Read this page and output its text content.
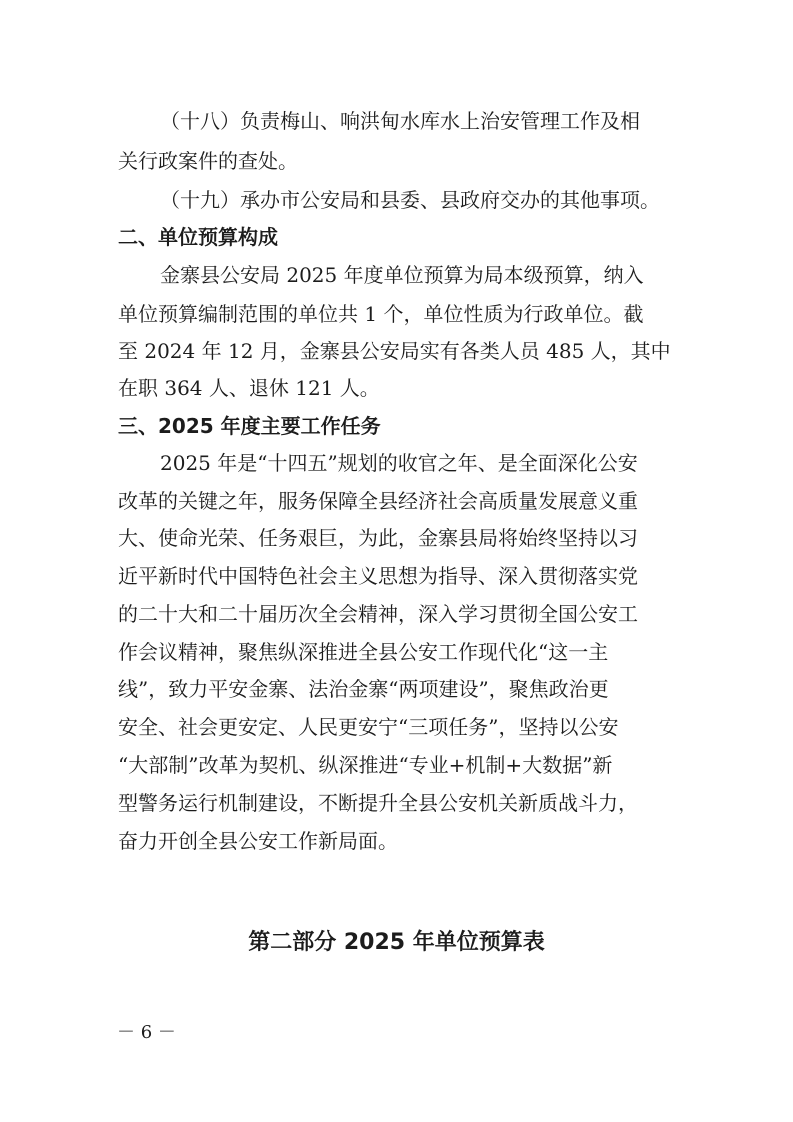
（十八）负责梅山、响洪甸水库水上治安管理工作及相
关行政案件的查处。
（十九）承办市公安局和县委、县政府交办的其他事项。
二、单位预算构成
金寨县公安局 2025 年度单位预算为局本级预算，纳入
单位预算编制范围的单位共 1 个，单位性质为行政单位。截
至 2024 年 12 月，金寨县公安局实有各类人员 485 人，其中
在职 364 人、退休 121 人。
三、2025 年度主要工作任务
2025 年是“十四五”规划的收官之年、是全面深化公安
改革的关键之年，服务保障全县经济社会高质量发展意义重
大、使命光荣、任务艰巨，为此，金寨县局将始终坚持以习
近平新时代中国特色社会主义思想为指导、深入贯彻落实党
的二十大和二十届历次全会精神，深入学习贯彻全国公安工
作会议精神，聚焦纵深推进全县公安工作现代化“这一主
线”，致力平安金寨、法治金寨“两项建设”，聚焦政治更
安全、社会更安定、人民更安宁“三项任务”，坚持以公安
“大部制”改革为契机、纵深推进“专业+机制+大数据”新
型警务运行机制建设，不断提升全县公安机关新质战斗力，
奋力开创全县公安工作新局面。
第二部分 2025 年单位预算表
－ 6 －
